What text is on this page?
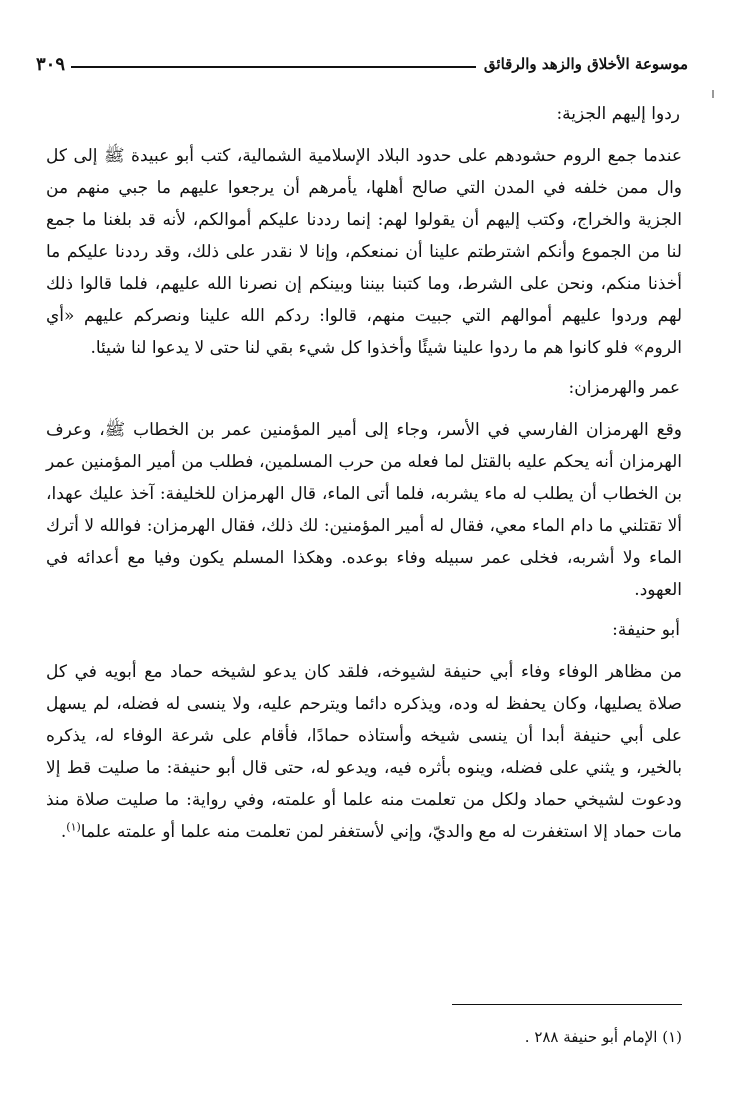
موسوعة الأخلاق والزهد والرقائق
٣٠٩
ردوا إليهم الجزية:

عندما جمع الروم حشودهم على حدود البلاد الإسلامية الشمالية، كتب أبو عبيدة ﷺ إلى كل وال ممن خلفه في المدن التي صالح أهلها، يأمرهم أن يرجعوا عليهم ما جبي منهم من الجزية والخراج، وكتب إليهم أن يقولوا لهم: إنما رددنا عليكم أموالكم، لأنه قد بلغنا ما جمع لنا من الجموع وأنكم اشترطتم علينا أن نمنعكم، وإنا لا نقدر على ذلك، وقد رددنا عليكم ما أخذنا منكم، ونحن على الشرط، وما كتبنا بيننا وبينكم إن نصرنا الله عليهم، فلما قالوا ذلك لهم وردوا عليهم أموالهم التي جبيت منهم، قالوا: ردكم الله علينا ونصركم عليهم «أي الروم» فلو كانوا هم ما ردوا علينا شيئًا وأخذوا كل شيء بقي لنا حتى لا يدعوا لنا شيئا.

عمر والهرمزان:

وقع الهرمزان الفارسي في الأسر، وجاء إلى أمير المؤمنين عمر بن الخطاب ﷺ، وعرف الهرمزان أنه يحكم عليه بالقتل لما فعله من حرب المسلمين، فطلب من أمير المؤمنين عمر بن الخطاب أن يطلب له ماء يشربه، فلما أتى الماء، قال الهرمزان للخليفة: آخذ عليك عهدا، ألا تقتلني ما دام الماء معي، فقال له أمير المؤمنين: لك ذلك، فقال الهرمزان: فوالله لا أترك الماء ولا أشربه، فخلى عمر سبيله وفاء بوعده. وهكذا المسلم يكون وفيا مع أعدائه في العهود.

أبو حنيفة:

من مظاهر الوفاء وفاء أبي حنيفة لشيوخه، فلقد كان يدعو لشيخه حماد مع أبويه في كل صلاة يصليها، وكان يحفظ له وده، ويذكره دائما ويترحم عليه، ولا ينسى له فضله، لم يسهل على أبي حنيفة أبدا أن ينسى شيخه وأستاذه حمادًا، فأقام على شرعة الوفاء له، يذكره بالخير، و يثني على فضله، وينوه بأثره فيه، ويدعو له، حتى قال أبو حنيفة: ما صليت قط إلا ودعوت لشيخي حماد ولكل من تعلمت منه علما أو علمته، وفي رواية: ما صليت صلاة منذ مات حماد إلا استغفرت له مع والديّ، وإني لأستغفر لمن تعلمت منه علما أو علمته علما$^{(١)}$.

(١) الإمام أبو حنيفة ٢٨٨ .
